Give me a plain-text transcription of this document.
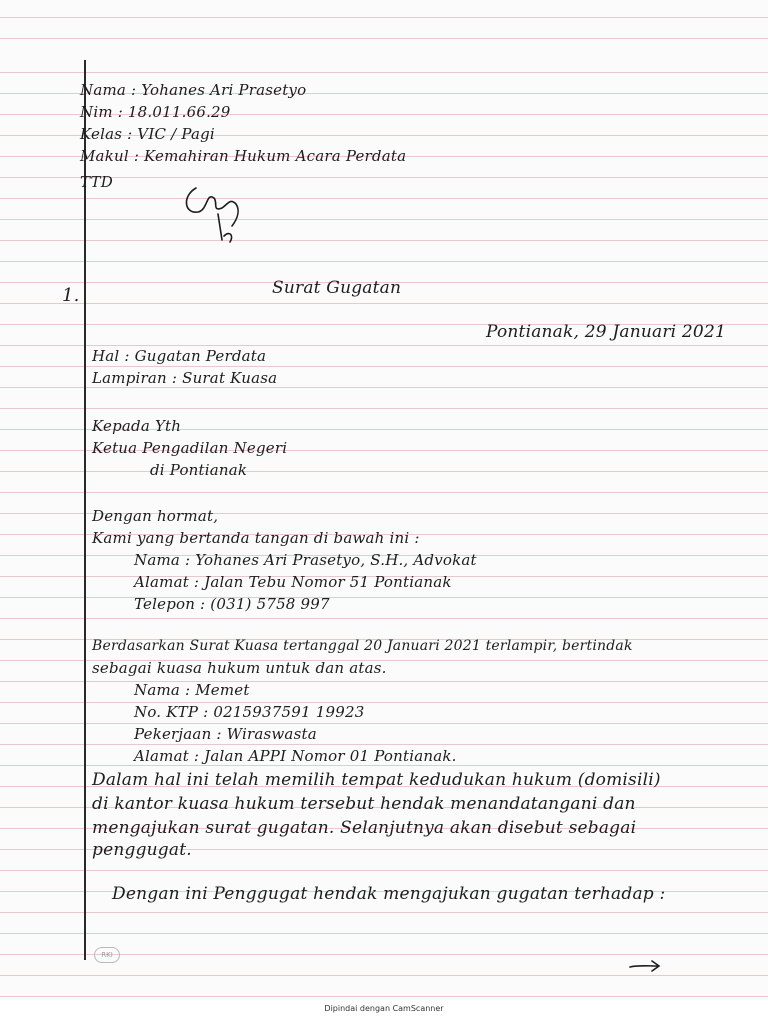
Nama : Yohanes Ari Prasetyo
Nim : 18.011.66.29
Kelas : VIC / Pagi
Makul : Kemahiran Hukum Acara Perdata
TTD
1.	Surat Gugatan
Pontianak, 29 Januari 2021
Hal : Gugatan Perdata
Lampiran : Surat Kuasa
Kepada Yth
Ketua Pengadilan Negeri
di Pontianak
Dengan hormat,
Kami yang bertanda tangan di bawah ini :
Nama : Yohanes Ari Prasetyo, S.H., Advokat
Alamat : Jalan Tebu Nomor 51 Pontianak
Telepon : (031) 5758 997
Berdasarkan Surat Kuasa tertanggal 20 Januari 2021 terlampir, bertindak
sebagai kuasa hukum untuk dan atas.
Nama : Memet
No. KTP : 0215937591 19923
Pekerjaan : Wiraswasta
Alamat : Jalan APPI Nomor 01 Pontianak.
Dalam hal ini telah memilih tempat kedudukan hukum (domisili)
di kantor kuasa hukum tersebut hendak menandatangani dan
mengajukan surat gugatan. Selanjutnya akan disebut sebagai
penggugat.
Dengan ini Penggugat hendak mengajukan gugatan terhadap :
RKI
Dipindai dengan CamScanner
